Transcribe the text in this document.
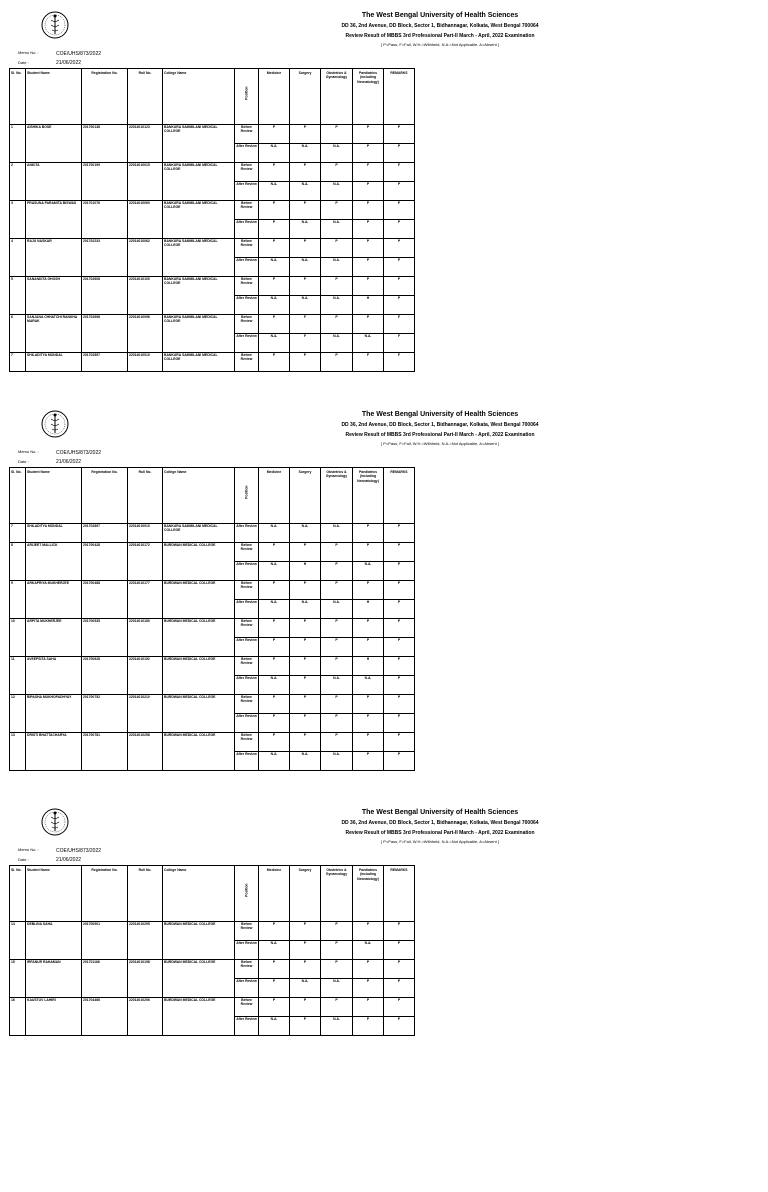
The West Bengal University of Health Sciences
DD 36, 2nd Avenue, DD Block, Sector 1, Bidhannagar, Kolkata, West Bengal 700064
Review Result of MBBS 3rd Professional Part-II March - April, 2022 Examination
[ P=Pass, F=Fail, W.H.=Withheld, N.A.=Not Applicable, A=Absent ]
Memo No. :	COE/UHS/873/2022
Date :	21/06/2022
Sl. No.	Student Name	Registration No.	Roll No.	College Name	Position	Medicine	Surgery	Obstetrics & Gynaecology	Paediatrics (including Neonatology)	REMARKS
1	AISHIKA BOSE	201700138	22014010123	BANKURA SAMMILANI MEDICAL COLLEGE	Before Review	P	P	P	P	P
					After Review	N.A.	N.A.	N.A.	P	P
2	ANKITA	201700199	22014010015	BANKURA SAMMILANI MEDICAL COLLEGE	Before Review	P	P	P	F	F
					After Review	N.A.	N.A.	N.A.	P	P
3	PRASUNA PARAMITA BISWAS	201701076	22014010060	BANKURA SAMMILANI MEDICAL COLLEGE	Before Review	P	P	P	P	P
					After Review	P	N.A.	N.A.	P	P
4	RAJU NASKAR	201702233	22014010062	BANKURA SAMMILANI MEDICAL COLLEGE	Before Review	P	P	P	P	P
					After Review	N.A.	N.A.	N.A.	P	P
5	SANANDITA GHOSH	201702608	22014010100	BANKURA SAMMILANI MEDICAL COLLEGE	Before Review	P	P	P	P	P
					After Review	N.A.	N.A.	N.A.	H	P
6	SANJANA CHHATCHI RANKHA MARAK	201702698	22014010096	BANKURA SAMMILANI MEDICAL COLLEGE	Before Review	P	F	P	P	F
					After Review	N.A.	F	N.A.	N.A.	F
7	SHILADITYA MONDAL	201702897	22014010010	BANKURA SAMMILANI MEDICAL COLLEGE	Before Review	P	P	P	F	F
The West Bengal University of Health Sciences
DD 36, 2nd Avenue, DD Block, Sector 1, Bidhannagar, Kolkata, West Bengal 700064
Review Result of MBBS 3rd Professional Part-II March - April, 2022 Examination
[ P=Pass, F=Fail, W.H.=Withheld, N.A.=Not Applicable, A=Absent ]
Memo No. :	COE/UHS/873/2022
Date :	21/06/2022
Sl. No.	Student Name	Registration No.	Roll No.	College Name	Position	Medicine	Surgery	Obstetrics & Gynaecology	Paediatrics (including Neonatology)	REMARKS
7	SHILADITYA MONDAL	201702897	22014010010	BANKURA SAMMILANI MEDICAL COLLEGE	After Review	N.A.	N.A.	N.A.	P	P
8	ARIJEET MALLICK	201700428	22014010172	BURDWAN MEDICAL COLLEGE	Before Review	P	P	P	P	P
					After Review	N.A.	H	P	N.A.	P
9	ARKAPRIYA MUKHERJEE	201700488	22014010177	BURDWAN MEDICAL COLLEGE	Before Review	P	P	P	P	P
					After Review	N.A.	N.A.	N.A.	H	P
10	ARPITA MUKHERJEE	201700535	22014010180	BURDWAN MEDICAL COLLEGE	Before Review	P	P	P	P	P
					After Review	P	P	P	P	P
11	AVEEPSITA SAHA	201700628	22014010192	BURDWAN MEDICAL COLLEGE	Before Review	P	P	P	H	P
					After Review	N.A.	P	N.A.	N.A.	P
12	BIPASHA MUKHOPADHYAY	201700752	22014010210	BURDWAN MEDICAL COLLEGE	Before Review	P	P	P	P	P
					After Review	P	P	P	P	P
13	DRISTI BHATTACHARYA	201700781	22014010258	BURDWAN MEDICAL COLLEGE	Before Review	P	P	P	P	P
					After Review	N.A.	N.A.	N.A.	P	P
The West Bengal University of Health Sciences
DD 36, 2nd Avenue, DD Block, Sector 1, Bidhannagar, Kolkata, West Bengal 700064
Review Result of MBBS 3rd Professional Part-II March - April, 2022 Examination
[ P=Pass, F=Fail, W.H.=Withheld, N.A.=Not Applicable, A=Absent ]
Memo No. :	COE/UHS/873/2022
Date :	21/06/2022
Sl. No.	Student Name	Registration No.	Roll No.	College Name	Position	Medicine	Surgery	Obstetrics & Gynaecology	Paediatrics (including Neonatology)	REMARKS
14	DEBLINA SAHA	201700901	22014010295	BURDWAN MEDICAL COLLEGE	Before Review	P	P	P	P	P
					After Review	N.A.	P	P	N.A.	P
15	IRFANUR RAHAMAN	201701166	22014010198	BURDWAN MEDICAL COLLEGE	Before Review	P	P	P	P	P
					After Review	P	N.A.	N.A.	P	P
16	KAUSTUV LAHIRI	201704466	22014010206	BURDWAN MEDICAL COLLEGE	Before Review	P	P	P	P	P
					After Review	N.A.	P	N.A.	P	P
